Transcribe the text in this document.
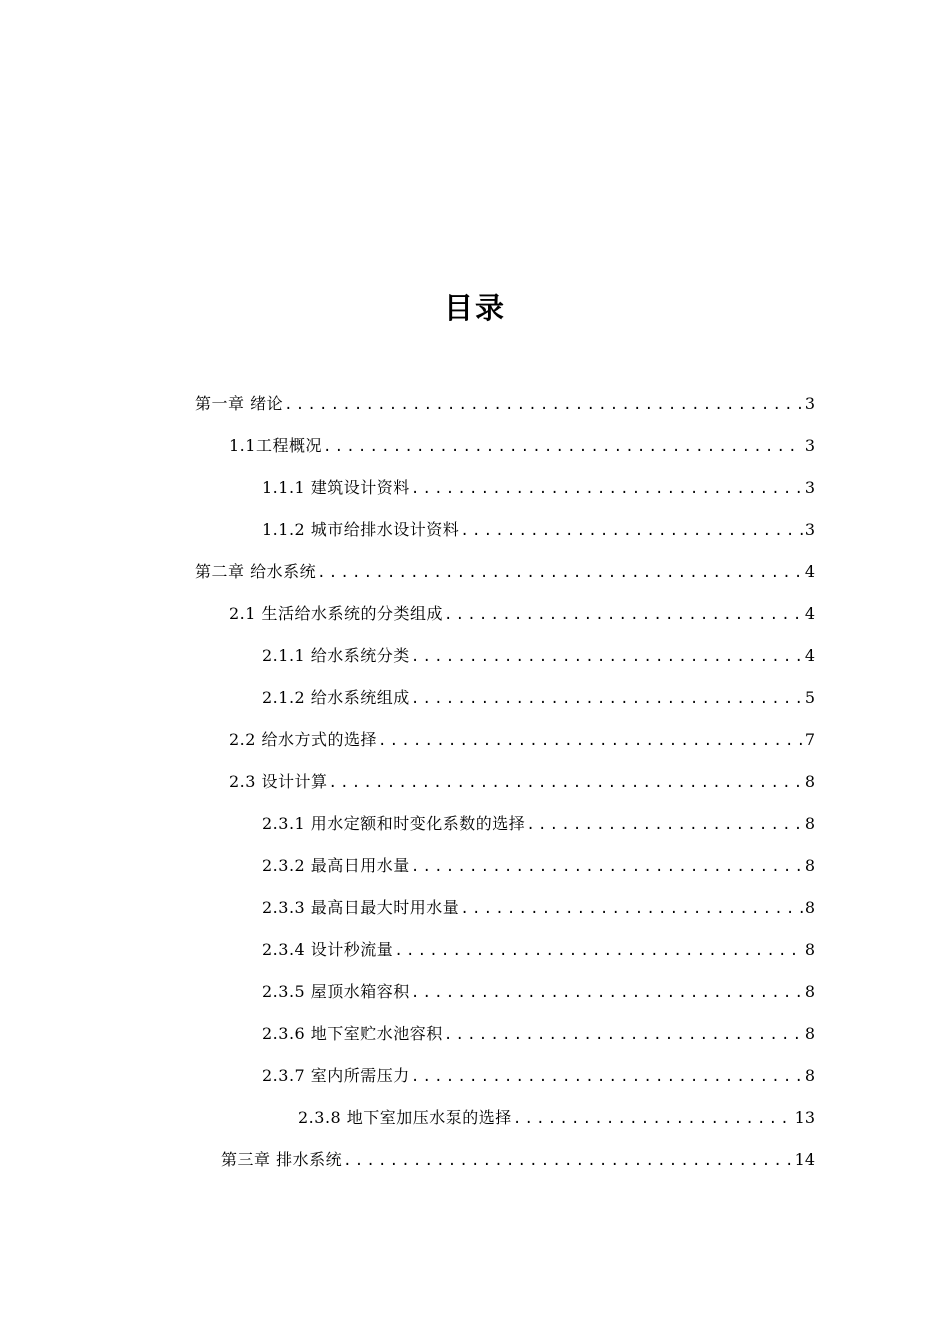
目录
第一章 绪论 .....	3
1.1工程概况 .....	3
1.1.1 建筑设计资料 .....	3
1.1.2 城市给排水设计资料 .....	3
第二章 给水系统 .....	4
2.1 生活给水系统的分类组成 .....	4
2.1.1 给水系统分类 .....	4
2.1.2 给水系统组成 .....	5
2.2 给水方式的选择 .....	7
2.3 设计计算 .....	8
2.3.1 用水定额和时变化系数的选择 .....	8
2.3.2 最高日用水量 .....	8
2.3.3 最高日最大时用水量 .....	8
2.3.4 设计秒流量 .....	8
2.3.5 屋顶水箱容积 .....	8
2.3.6 地下室贮水池容积 .....	8
2.3.7 室内所需压力 .....	8
2.3.8 地下室加压水泵的选择 .....	13
第三章 排水系统 .....	14
